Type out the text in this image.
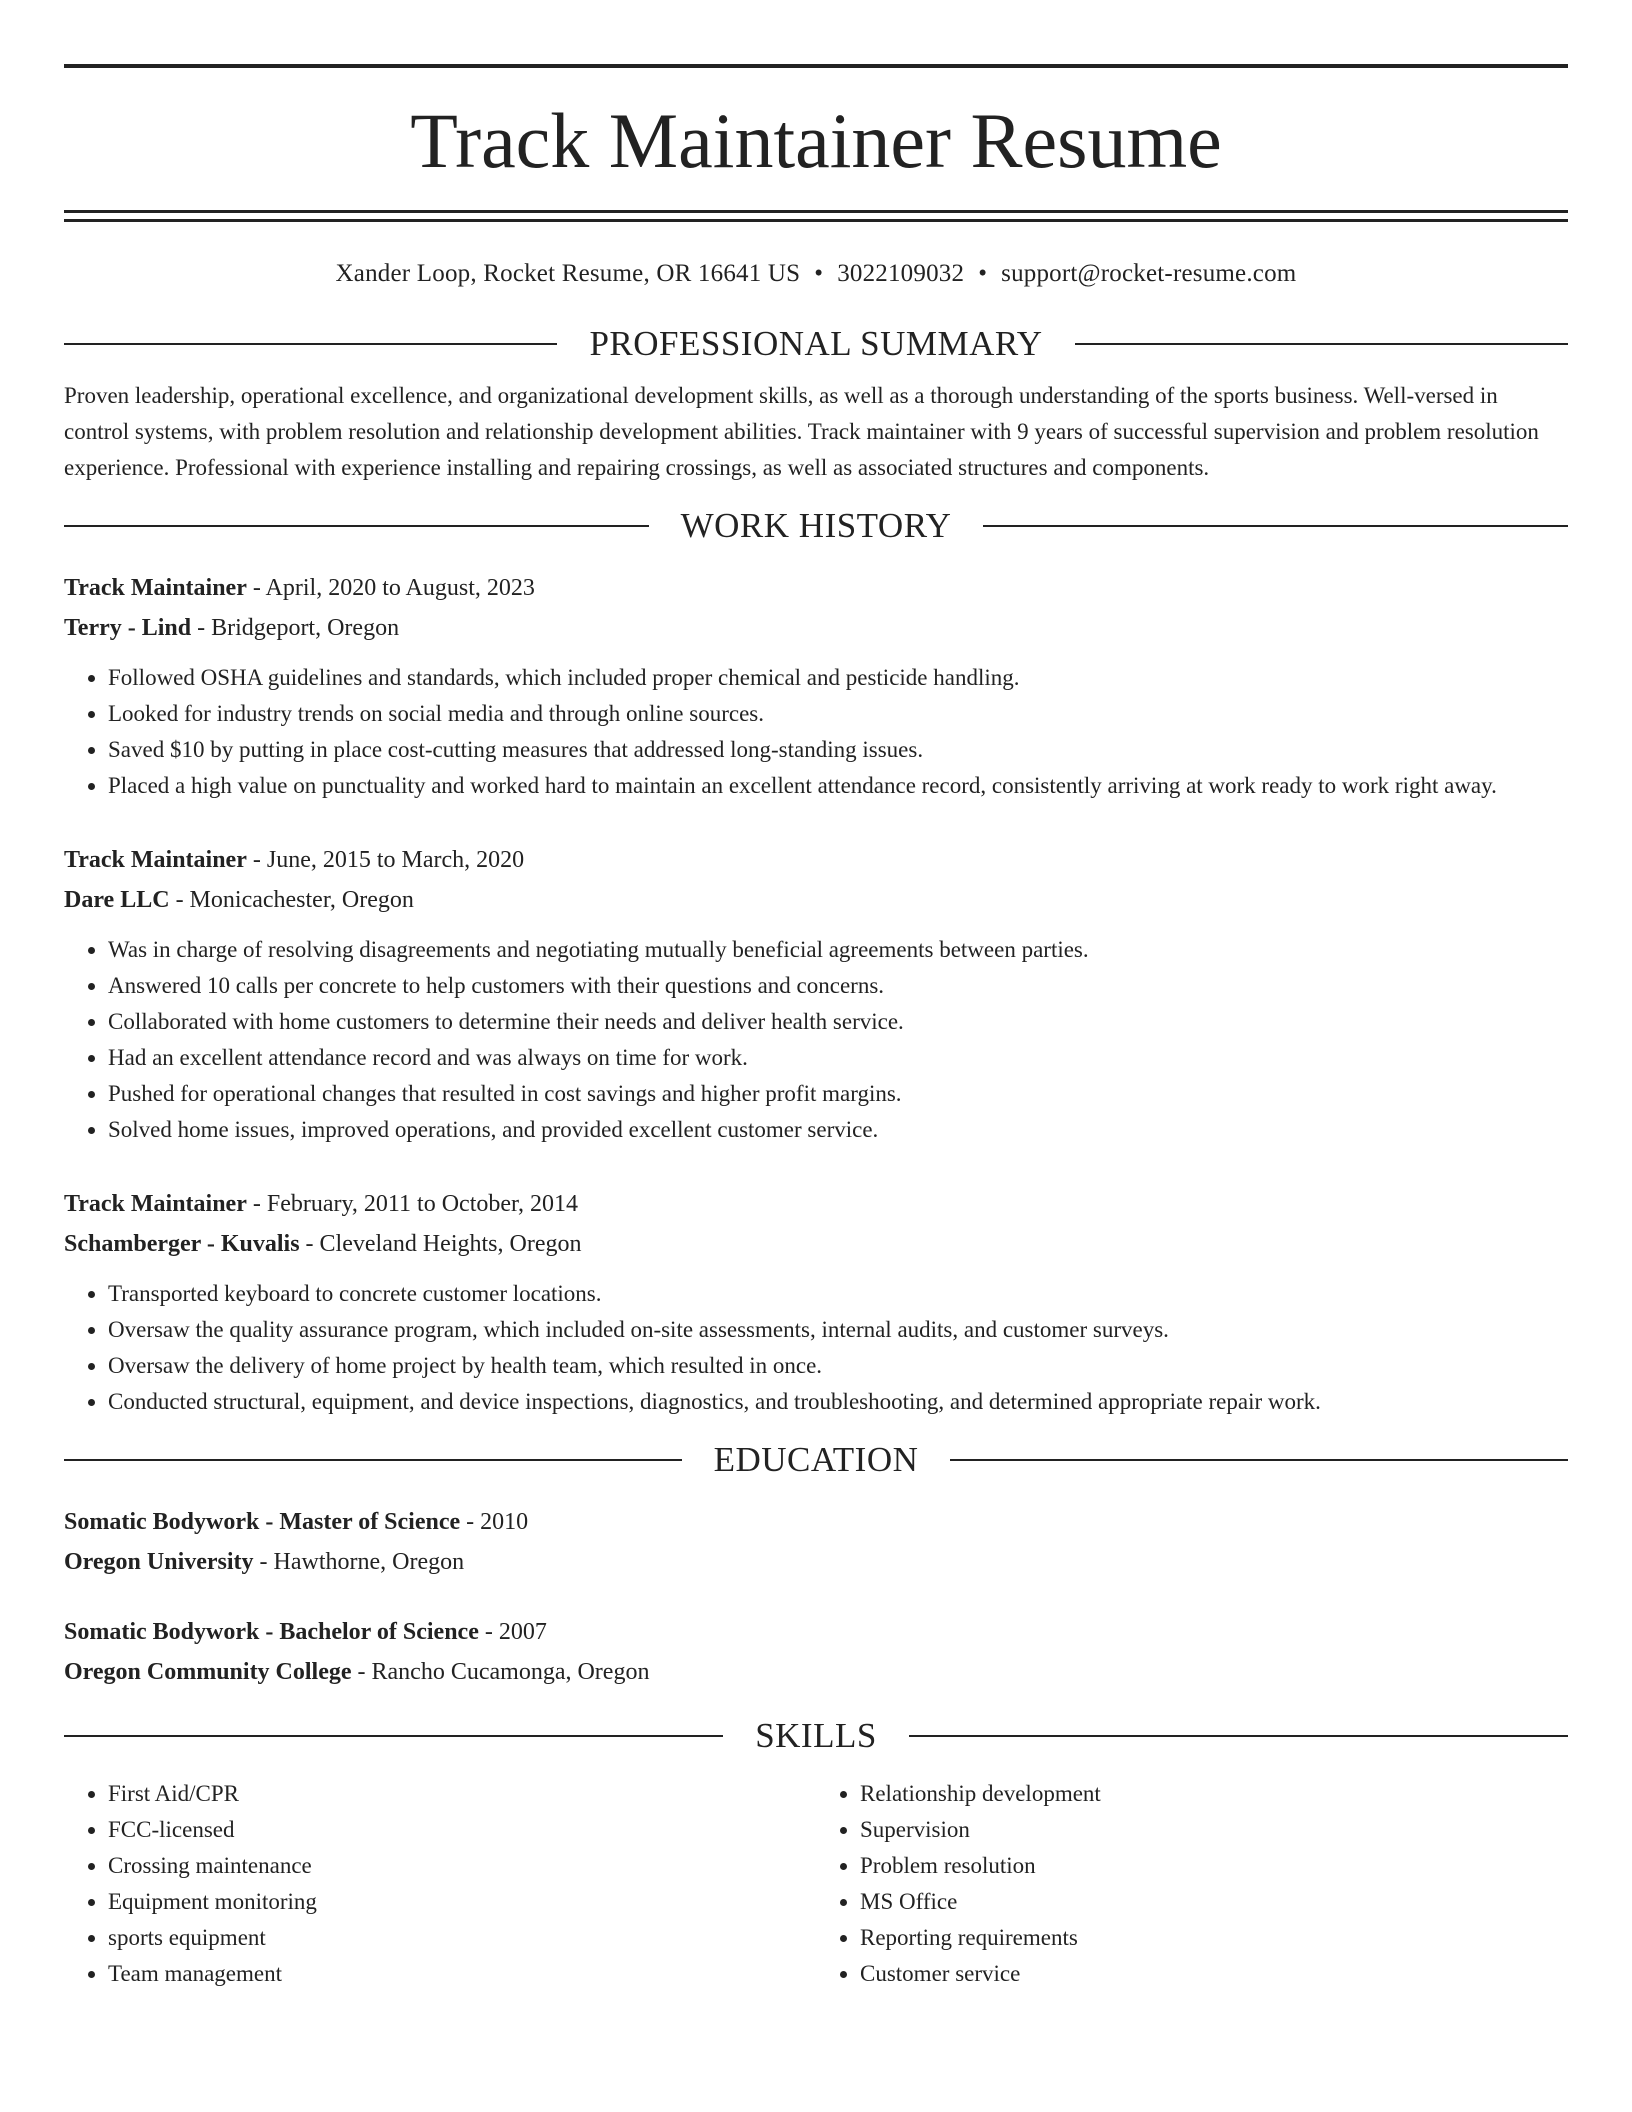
Track Maintainer Resume
Xander Loop, Rocket Resume, OR 16641 US • 3022109032 • support@rocket-resume.com
PROFESSIONAL SUMMARY
Proven leadership, operational excellence, and organizational development skills, as well as a thorough understanding of the sports business. Well-versed in control systems, with problem resolution and relationship development abilities. Track maintainer with 9 years of successful supervision and problem resolution experience. Professional with experience installing and repairing crossings, as well as associated structures and components.
WORK HISTORY
Track Maintainer - April, 2020 to August, 2023
Terry - Lind - Bridgeport, Oregon
• Followed OSHA guidelines and standards, which included proper chemical and pesticide handling.
• Looked for industry trends on social media and through online sources.
• Saved $10 by putting in place cost-cutting measures that addressed long-standing issues.
• Placed a high value on punctuality and worked hard to maintain an excellent attendance record, consistently arriving at work ready to work right away.
Track Maintainer - June, 2015 to March, 2020
Dare LLC - Monicachester, Oregon
• Was in charge of resolving disagreements and negotiating mutually beneficial agreements between parties.
• Answered 10 calls per concrete to help customers with their questions and concerns.
• Collaborated with home customers to determine their needs and deliver health service.
• Had an excellent attendance record and was always on time for work.
• Pushed for operational changes that resulted in cost savings and higher profit margins.
• Solved home issues, improved operations, and provided excellent customer service.
Track Maintainer - February, 2011 to October, 2014
Schamberger - Kuvalis - Cleveland Heights, Oregon
• Transported keyboard to concrete customer locations.
• Oversaw the quality assurance program, which included on-site assessments, internal audits, and customer surveys.
• Oversaw the delivery of home project by health team, which resulted in once.
• Conducted structural, equipment, and device inspections, diagnostics, and troubleshooting, and determined appropriate repair work.
EDUCATION
Somatic Bodywork - Master of Science - 2010
Oregon University - Hawthorne, Oregon
Somatic Bodywork - Bachelor of Science - 2007
Oregon Community College - Rancho Cucamonga, Oregon
SKILLS
• First Aid/CPR
• FCC-licensed
• Crossing maintenance
• Equipment monitoring
• sports equipment
• Team management
• Relationship development
• Supervision
• Problem resolution
• MS Office
• Reporting requirements
• Customer service
